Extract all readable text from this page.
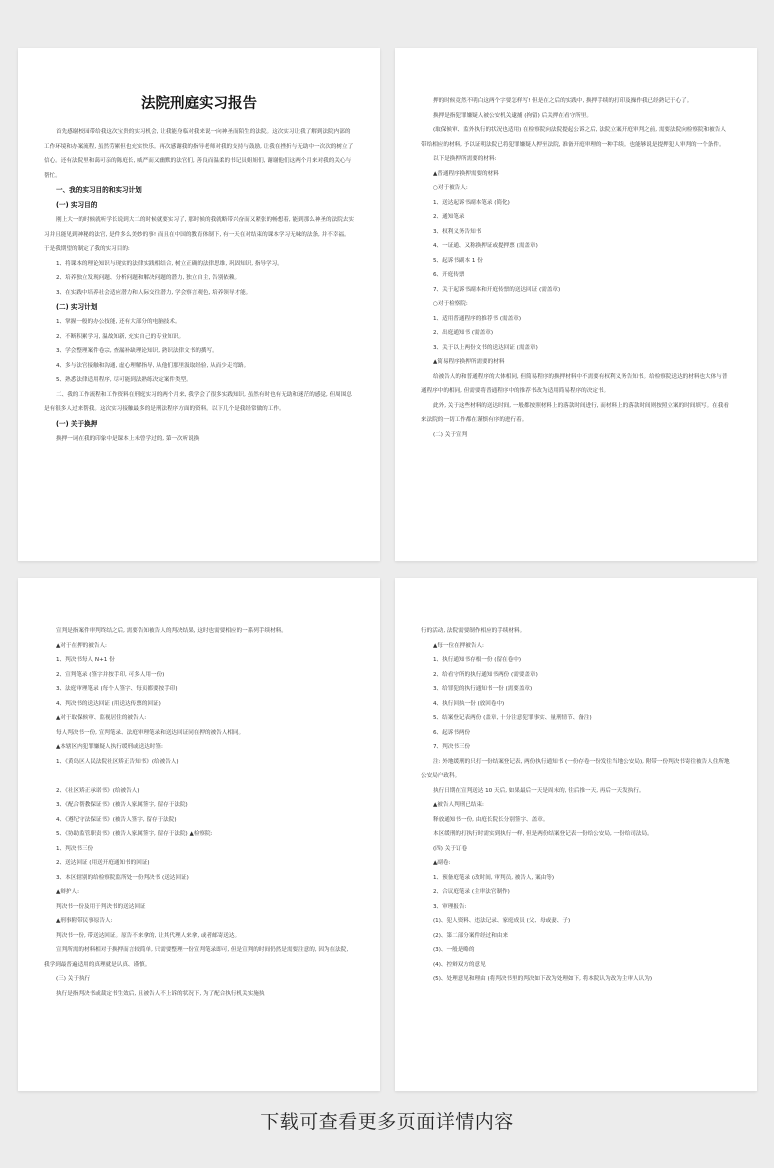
法院刑庭实习报告
首先感谢校园带给我这次宝贵的实习机会, 让我能身临对我来说一向神圣而陌生的法院。这次实习让我了解到法院内部的工作环境和办案流程, 虽然劳累但也充实快乐。再次感谢我的指导老师对我的支持与鼓励, 让我在挫折与无助中一次次的树立了信心。还有法院里和蔼可亲的陈庭长, 威严而又幽默的法官们, 善良而温柔的书记员姐姐们, 谢谢他们这两个月来对我的关心与帮忙。
一、我的实习目的和实习计划
(一) 实习目的
刚上大一的时候就听学长说到大二的时候就要实习了, 那时候的我就略带兴奋而又紧张的畅想着, 能到那么神圣的法院去实习并且能见到神秘的法官, 是件多么美妙的事! 而且在中国的教育体制下, 有一天在对结束的课本学习无味的法条, 并不幸福。于是我期望的制定了我的实习目的:
1、将课本的理论知识与现实的法律实践相结合, 树立正确的法律思维, 巩固知识, 指导学习。
2、培养独立发现问题、分析问题和解决问题的潜力, 独立自主, 告别依赖。
3、在实践中培养社会适应潜力和人际交往潜力, 学会察言观色, 培养领导才能。
(二) 实习计划
1、掌握一般的办公技能, 还有大部分的电脑技术。
2、不断积累学习, 温故知新, 充实自己的专业知识。
3、学会整理案件卷宗, 查漏补缺理论知识, 熟识法律文书的撰写。
4、多与法官接触和沟通, 虚心理解指导, 从他们那里汲取经验, 从而少走弯路。
5、熟悉法律适用程序, 尽可能到法熟练决定案件类型。
二、我的工作流程和工作资料在刑庭实习的两个月来, 我学会了很多实践知识, 虽然有时也有无助和迷茫的感觉, 但周围总是有很多人过来帮我。这次实习接触最多的是刑法程序方面的资料。以下几个是我经常做的工作。
(一) 关于换押
换押一词在我的印象中是课本上未曾学过的, 第一次听说换
押的时候竟然不明白这两个字要怎样写! 但是在之后的实践中, 换押手续的打印及操作我已经熟记于心了。
换押是指犯罪嫌疑人被公安机关逮捕 (拘留) 后关押在看守所里。
(取保候审、监外执行的状况也适用) 在检察院向法院提起公诉之后, 法院立案开庭审判之前, 需要法院向检察院和被告人带给相应的材料, 予以证明法院已将犯罪嫌疑人押至法院, 准备开庭审理的一种手续。也能够说是提押犯人审判的一个条件。
以下是换押所需要的材料:
▲普通程序换押需要的材料
○对于被告人:
1、送达起诉书副本笔录 (简化)
2、通知笔录
3、权利义务告知书
4、一证通、又称换押证或提押票 (需盖章)
5、起诉书副本 1 份
6、开庭传票
7、关于起诉书副本和开庭传票的送达回证 (需盖章)
○对于检察院:
1、适用普通程序的推荐书 (需盖章)
2、出庭通知书 (需盖章)
3、关于以上两份文书的送达回证 (需盖章)
▲简易程序换押所需要的材料
给被告人的和普通程序的大体相同, 但简易程序的换押材料中不需要有权利义务告知书。给检察院送达的材料也大体与普通程序中的相同, 但需要将普通程序中的推荐书改为适用简易程序的决定书。
此外, 关于这些材料的送达时间, 一般都按照材料上的落款时间进行, 而材料上的落款时间则按照立案的时间填写。在我看来法院的一切工作都在谨慎有序的进行着。
(二) 关于宣判
宣判是指案件审判终结之后, 需要告知被告人的判决结果, 这时也需要相应的一系列手续材料。
▲对于在押的被告人:
1、判决书每人 N+1 份
2、宣判笔录 (签字并按手印, 可多人用一份)
3、法庭审理笔录 (每个人签字、每页都要按手印)
4、判决书的送达回证 (用送达传票的回证)
▲对于取保候审、监视居住的被告人:
每人判决书一份, 宣判笔录、法庭审理笔录和送达回证同在押的被告人相同。
▲本辖区内犯罪嫌疑人执行缓刑或送达时签:
1、《黄岛区人民法院社区矫正告知书》(给被告人)
2、《社区矫正承诺书》(给被告人)
3、《配合帮教保证书》(被告人家属签字, 留存于法院)
4、《遵纪守法保证书》(被告人签字, 留存于法院)
5、《协助监管职责书》(被告人家属签字, 留存于法院) ▲检察院:
1、判决书三份
2、送达回证 (用送开庭通知书的回证)
3、本区辖别的给检察院监所处一份判决书 (送达回证)
▲辩护人:
判决书一份及用于判决书的送达回证
▲刑事附带民事原告人:
判决书一份, 带送达回证。原告不来拿的, 让其代理人来拿, 或者邮寄送达。
宣判所需的材料相对于换押而言较简单, 只需要整理一份宣判笔录即可, 但是宣判的时间仍然是需要注意的, 因为在法院, 我学到最普遍适用的真理就是认真、谨慎。
(三) 关于执行
执行是指判决书或裁定书生效后, 且被告人不上诉的状况下, 为了配合执行机关实施执
行的活动, 法院需要制作相应的手续材料。
▲每一位在押被告人:
1、执行通知书存根一份 (留在卷中)
2、给看守所的执行通知书两份 (需要盖章)
3、给罪犯的执行通知书一份 (需要盖章)
4、执行回执一份 (放回卷中)
5、结案登记表两份 (盖章, 十分注意犯罪事实、量刑情节、备注)
6、起诉书两份
7、判决书三份
注: 外地缓刑的只打一份结案登记表, 两份执行通知书 (一份存卷一份发往当地公安局), 附带一份判决书寄往被告人住所地公安局户政科。
执行日期在宣判送达 10 天后, 如果最后一天是周末的, 往后推一天, 再后一天发执行。
▲被告人判刑已结束:
释放通知书一份, 由庭长院长分别签字、盖章。
本区缓刑的打执行时需实到执行一样, 但是两份结案登记表一份给公安局, 一份给司法局。
(四) 关于订卷
▲副卷:
1、预备庭笔录 (改时间, 审判员, 被告人, 案由等)
2、合议庭笔录 (主审法官制作)
3、审理报告:
(1)、犯人资料、违法记录、家庭成员 (父、母或妻、子)
(2)、第二部分案件经过和由来
(3)、一般是略的
(4)、控辩双方的意见
(5)、处理意见和理由 (将判决书里的判决如下改为处理如下, 将本院认为改为主审人认为)
下载可查看更多页面详情内容
